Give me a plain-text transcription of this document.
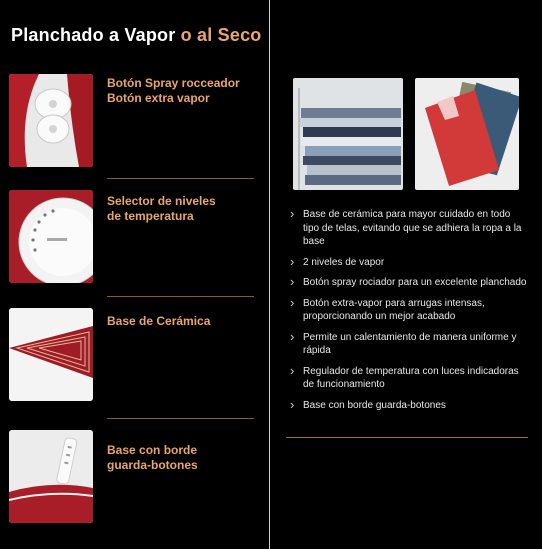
Planchado a Vapor o al Seco
Botón Spray rocceador
Botón extra vapor
Selector de niveles
de temperatura
Base de Cerámica
Base con borde
guarda-botones
› Base de cerámica para mayor cuidado en todo tipo de telas, evitando que se adhiera la ropa a la base
› 2 niveles de vapor
› Botón spray rociador para un excelente planchado
› Botón extra-vapor para arrugas intensas, proporcionando un mejor acabado
› Permite un calentamiento de manera uniforme y rápida
› Regulador de temperatura con luces indicadoras de funcionamiento
› Base con borde guarda-botones
